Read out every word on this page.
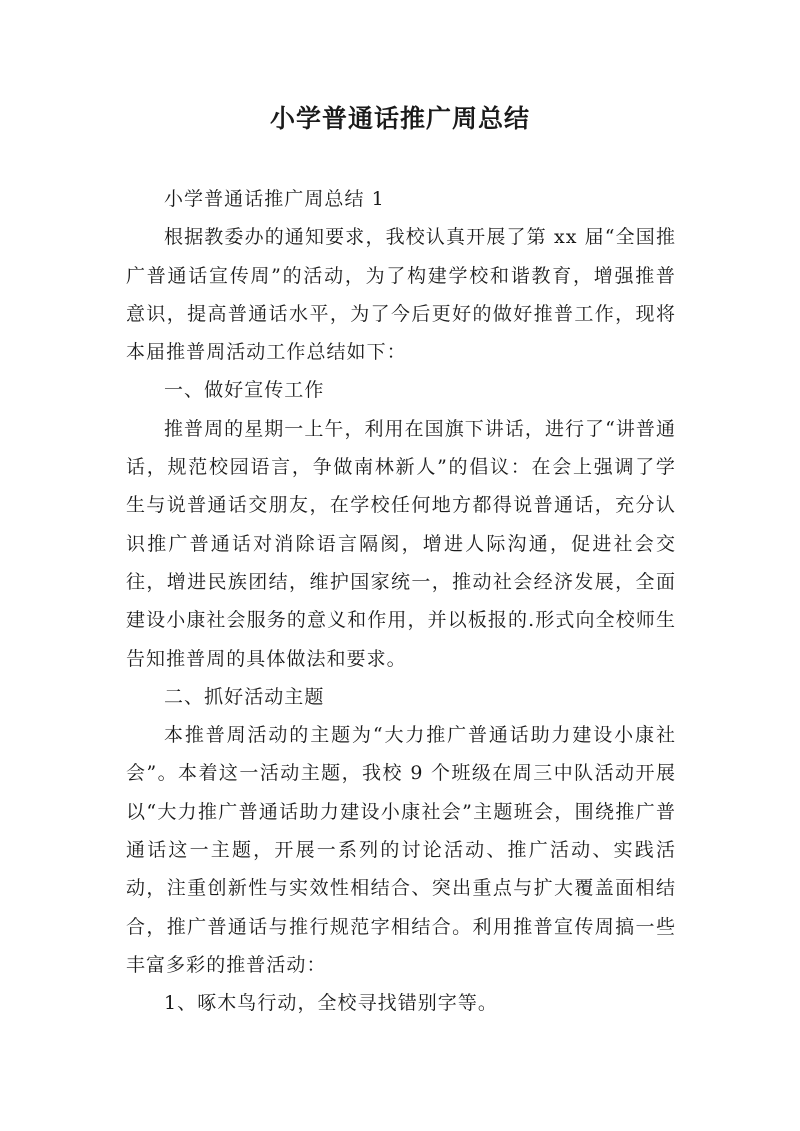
小学普通话推广周总结

小学普通话推广周总结 1

根据教委办的通知要求，我校认真开展了第 xx 届“全国推广普通话宣传周”的活动，为了构建学校和谐教育，增强推普意识，提高普通话水平，为了今后更好的做好推普工作，现将本届推普周活动工作总结如下：

一、做好宣传工作

推普周的星期一上午，利用在国旗下讲话，进行了“讲普通话，规范校园语言，争做南林新人”的倡议：在会上强调了学生与说普通话交朋友，在学校任何地方都得说普通话，充分认识推广普通话对消除语言隔阂，增进人际沟通，促进社会交往，增进民族团结，维护国家统一，推动社会经济发展，全面建设小康社会服务的意义和作用，并以板报的.形式向全校师生告知推普周的具体做法和要求。

二、抓好活动主题

本推普周活动的主题为“大力推广普通话助力建设小康社会”。本着这一活动主题，我校 9 个班级在周三中队活动开展以“大力推广普通话助力建设小康社会”主题班会，围绕推广普通话这一主题，开展一系列的讨论活动、推广活动、实践活动，注重创新性与实效性相结合、突出重点与扩大覆盖面相结合，推广普通话与推行规范字相结合。利用推普宣传周搞一些丰富多彩的推普活动：

1、啄木鸟行动，全校寻找错别字等。
